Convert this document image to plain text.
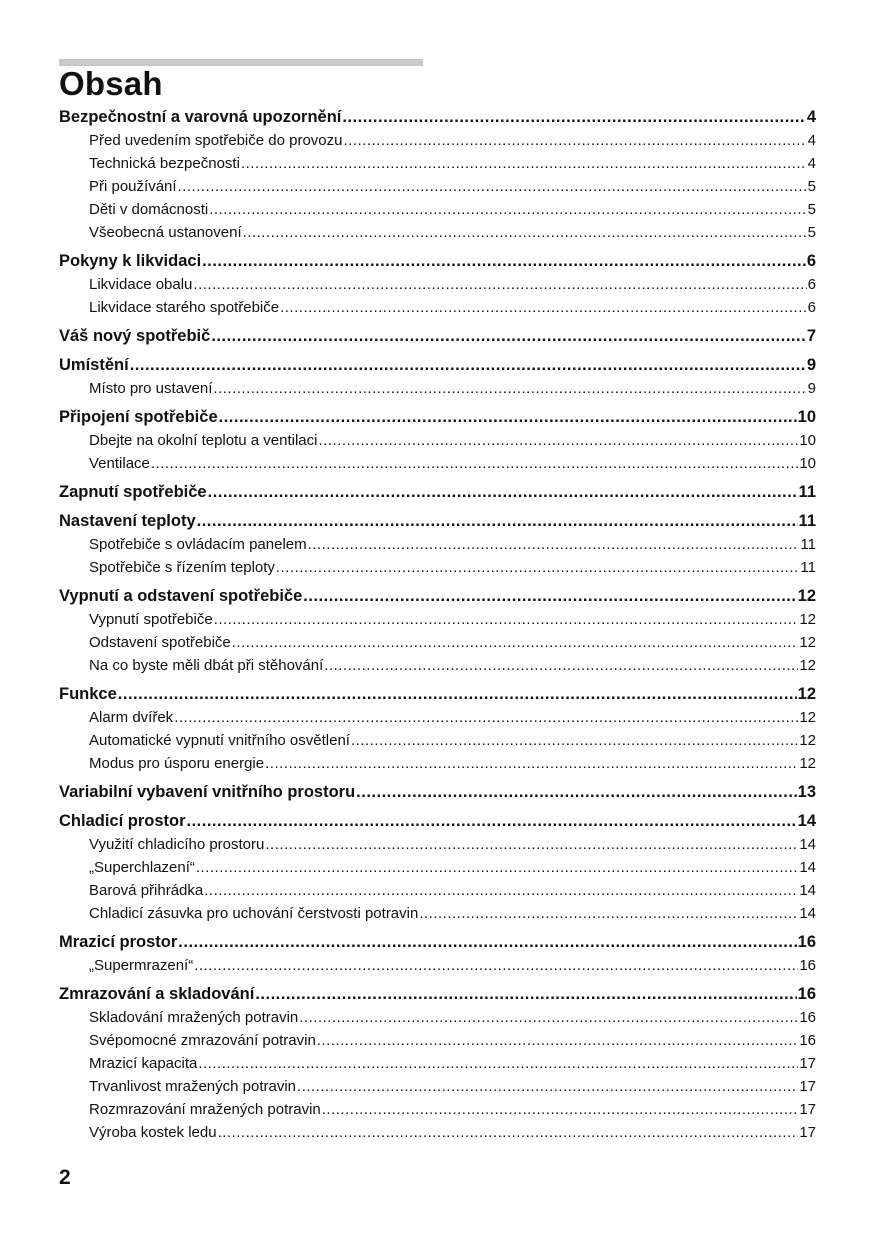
Obsah
Bezpečnostní a varovná upozornění .....	4
Před uvedením spotřebiče do provozu .....	4
Technická bezpečnosti .....	4
Při používání .....	5
Děti v domácnosti .....	5
Všeobecná ustanovení .....	5
Pokyny k likvidaci .....	6
Likvidace obalu .....	6
Likvidace starého spotřebiče .....	6
Váš nový spotřebič .....	7
Umístění .....	9
Místo pro ustavení .....	9
Připojení spotřebiče .....	10
Dbejte na okolní teplotu a ventilaci .....	10
Ventilace .....	10
Zapnutí spotřebiče .....	11
Nastavení teploty .....	11
Spotřebiče s ovládacím panelem .....	11
Spotřebiče s řízením teploty .....	11
Vypnutí a odstavení spotřebiče .....	12
Vypnutí spotřebiče .....	12
Odstavení spotřebiče .....	12
Na co byste měli dbát při stěhování .....	12
Funkce .....	12
Alarm dvířek .....	12
Automatické vypnutí vnitřního osvětlení .....	12
Modus pro úsporu energie .....	12
Variabilní vybavení vnitřního prostoru .....	13
Chladicí prostor .....	14
Využití chladicího prostoru .....	14
„Superchlazení“ .....	14
Barová přihrádka .....	14
Chladicí zásuvka pro uchování čerstvosti potravin .....	14
Mrazicí prostor .....	16
„Supermrazení“ .....	16
Zmrazování a skladování .....	16
Skladování mražených potravin .....	16
Svépomocné zmrazování potravin .....	16
Mrazicí kapacita .....	17
Trvanlivost mražených potravin .....	17
Rozmrazování mražených potravin .....	17
Výroba kostek ledu .....	17
2
